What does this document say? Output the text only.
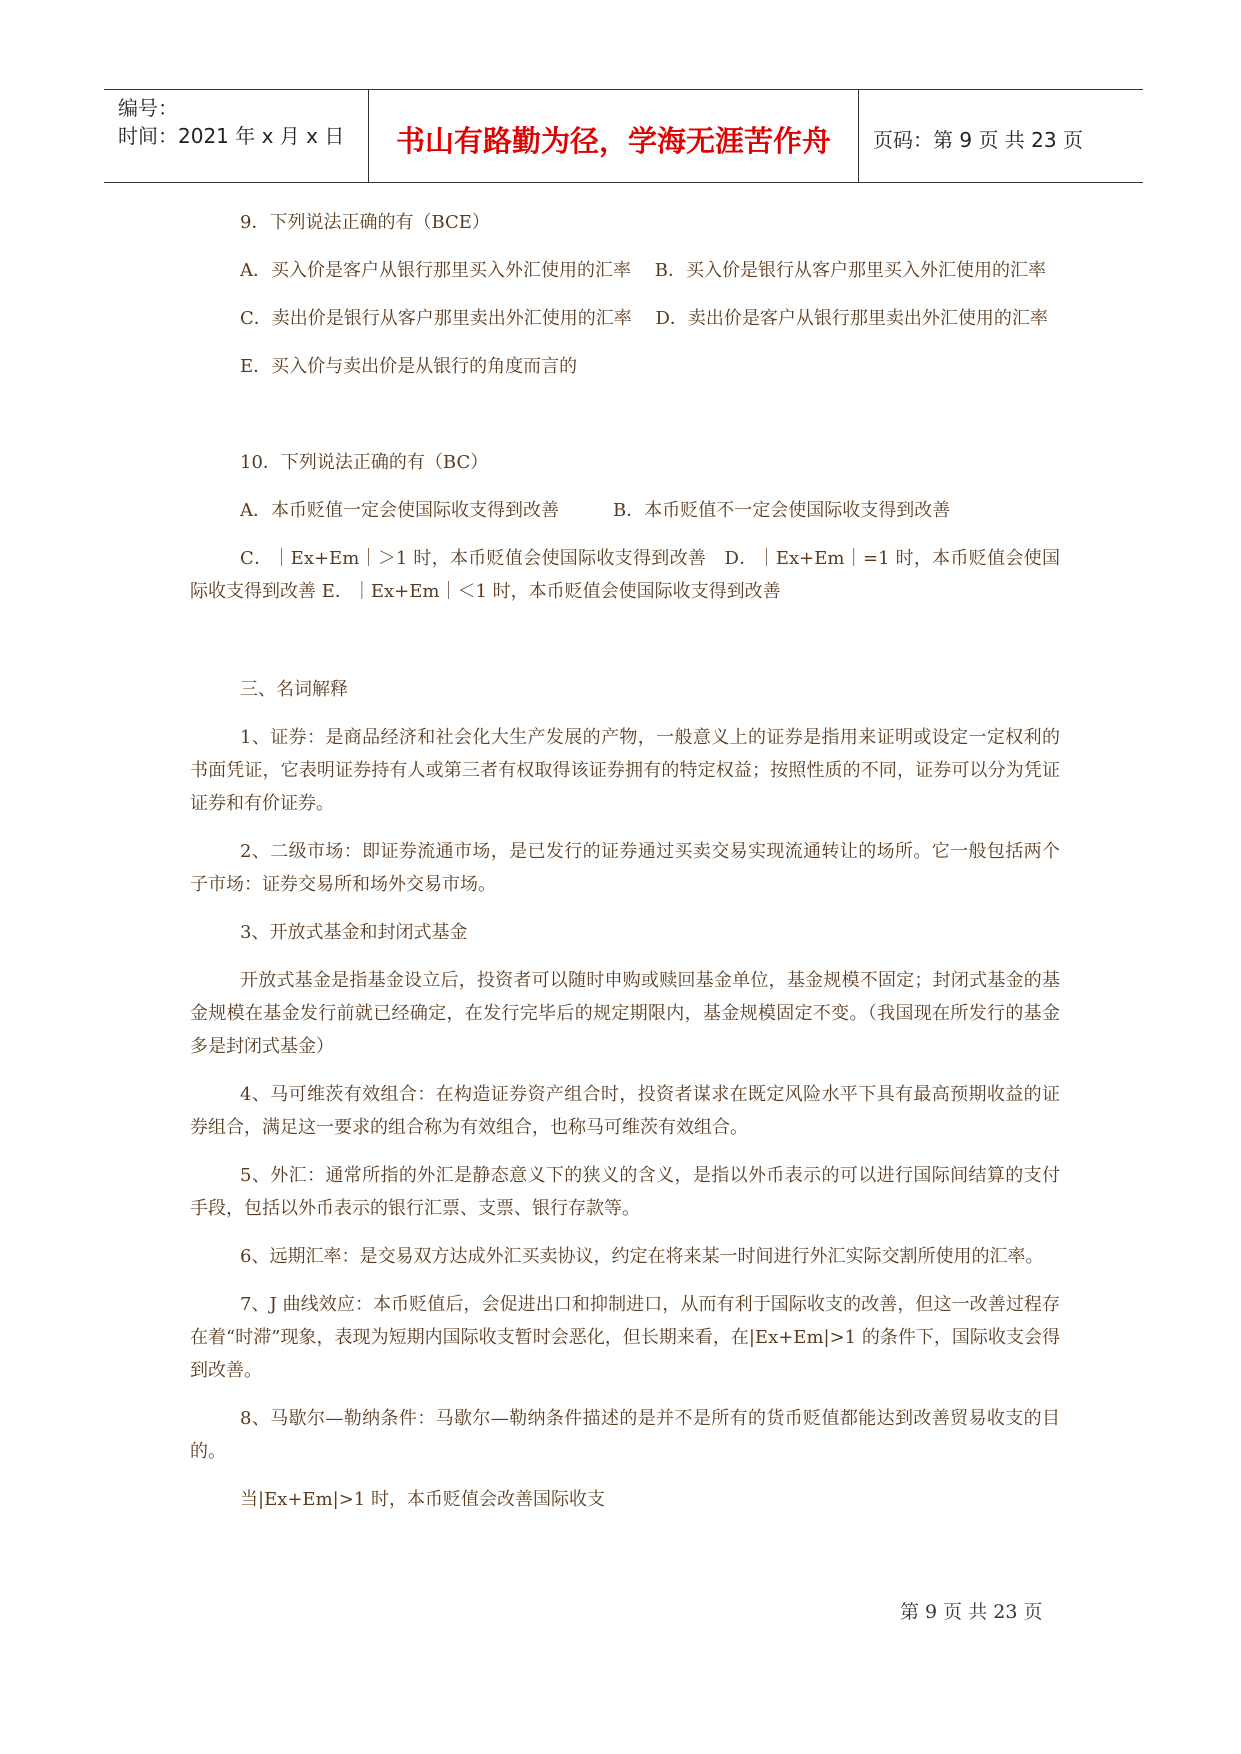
编号：
时间：2021 年 x 月 x 日	书山有路勤为径，学海无涯苦作舟	页码：第 9 页 共 23 页

9．下列说法正确的有（BCE）

A．买入价是客户从银行那里买入外汇使用的汇率　 B．买入价是银行从客户那里买入外汇使用的汇率

C．卖出价是银行从客户那里卖出外汇使用的汇率　 D．卖出价是客户从银行那里卖出外汇使用的汇率

E．买入价与卖出价是从银行的角度而言的

10．下列说法正确的有（BC）

A．本币贬值一定会使国际收支得到改善　　　B．本币贬值不一定会使国际收支得到改善

C．｜Ex+Em｜＞1 时，本币贬值会使国际收支得到改善　D．｜Ex+Em｜=1 时，本币贬值会使国际收支得到改善 E．｜Ex+Em｜＜1 时，本币贬值会使国际收支得到改善

三、名词解释

1、证券：是商品经济和社会化大生产发展的产物，一般意义上的证券是指用来证明或设定一定权利的书面凭证，它表明证券持有人或第三者有权取得该证券拥有的特定权益；按照性质的不同，证券可以分为凭证证券和有价证券。

2、二级市场：即证券流通市场，是已发行的证券通过买卖交易实现流通转让的场所。它一般包括两个子市场：证券交易所和场外交易市场。

3、开放式基金和封闭式基金

开放式基金是指基金设立后，投资者可以随时申购或赎回基金单位，基金规模不固定；封闭式基金的基金规模在基金发行前就已经确定，在发行完毕后的规定期限内，基金规模固定不变。（我国现在所发行的基金多是封闭式基金）

4、马可维茨有效组合：在构造证券资产组合时，投资者谋求在既定风险水平下具有最高预期收益的证券组合，满足这一要求的组合称为有效组合，也称马可维茨有效组合。

5、外汇：通常所指的外汇是静态意义下的狭义的含义，是指以外币表示的可以进行国际间结算的支付手段，包括以外币表示的银行汇票、支票、银行存款等。

6、远期汇率：是交易双方达成外汇买卖协议，约定在将来某一时间进行外汇实际交割所使用的汇率。

7、J 曲线效应：本币贬值后，会促进出口和抑制进口，从而有利于国际收支的改善，但这一改善过程存在着“时滞”现象，表现为短期内国际收支暂时会恶化，但长期来看，在|Ex+Em|>1 的条件下，国际收支会得到改善。

8、马歇尔—勒纳条件：马歇尔—勒纳条件描述的是并不是所有的货币贬值都能达到改善贸易收支的目的。

当|Ex+Em|>1 时，本币贬值会改善国际收支

第 9 页 共 23 页
